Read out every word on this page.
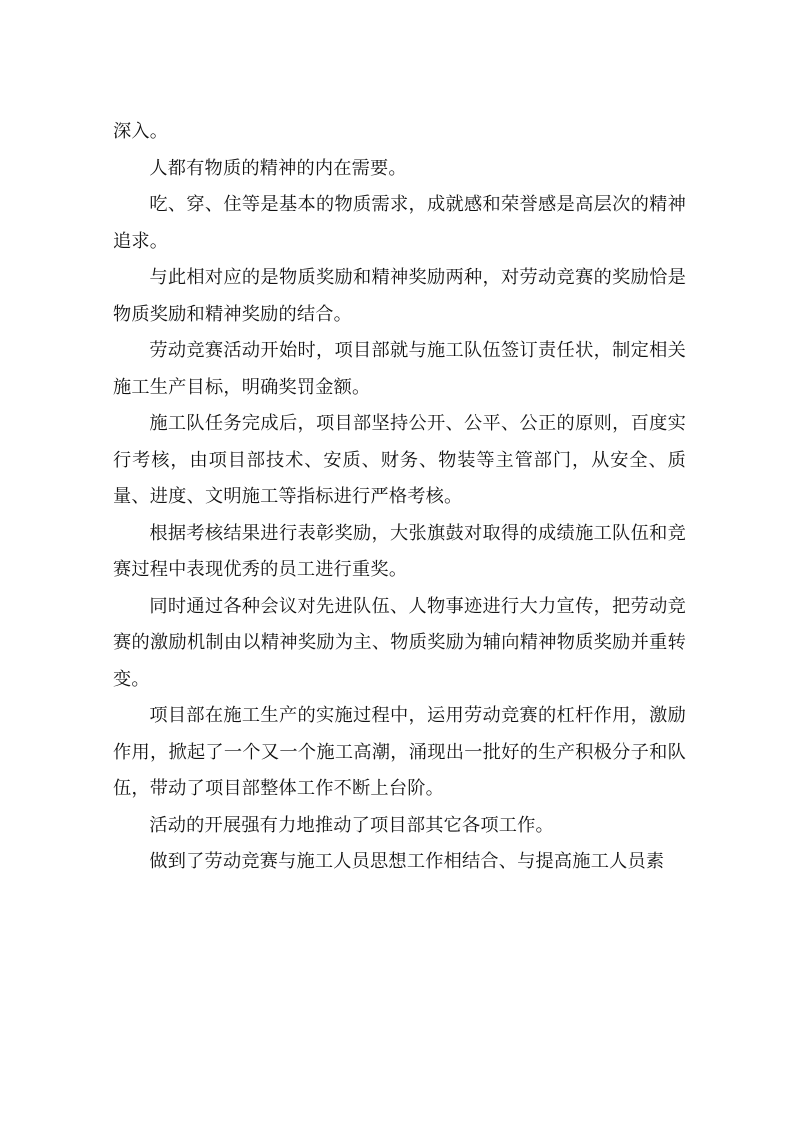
深入。

人都有物质的精神的内在需要。

吃、穿、住等是基本的物质需求，成就感和荣誉感是高层次的精神追求。

与此相对应的是物质奖励和精神奖励两种，对劳动竞赛的奖励恰是物质奖励和精神奖励的结合。

劳动竞赛活动开始时，项目部就与施工队伍签订责任状，制定相关施工生产目标，明确奖罚金额。

施工队任务完成后，项目部坚持公开、公平、公正的原则，百度实行考核，由项目部技术、安质、财务、物装等主管部门，从安全、质量、进度、文明施工等指标进行严格考核。

根据考核结果进行表彰奖励，大张旗鼓对取得的成绩施工队伍和竞赛过程中表现优秀的员工进行重奖。

同时通过各种会议对先进队伍、人物事迹进行大力宣传，把劳动竞赛的激励机制由以精神奖励为主、物质奖励为辅向精神物质奖励并重转变。

项目部在施工生产的实施过程中，运用劳动竞赛的杠杆作用，激励作用，掀起了一个又一个施工高潮，涌现出一批好的生产积极分子和队伍，带动了项目部整体工作不断上台阶。

活动的开展强有力地推动了项目部其它各项工作。

做到了劳动竞赛与施工人员思想工作相结合、与提高施工人员素
